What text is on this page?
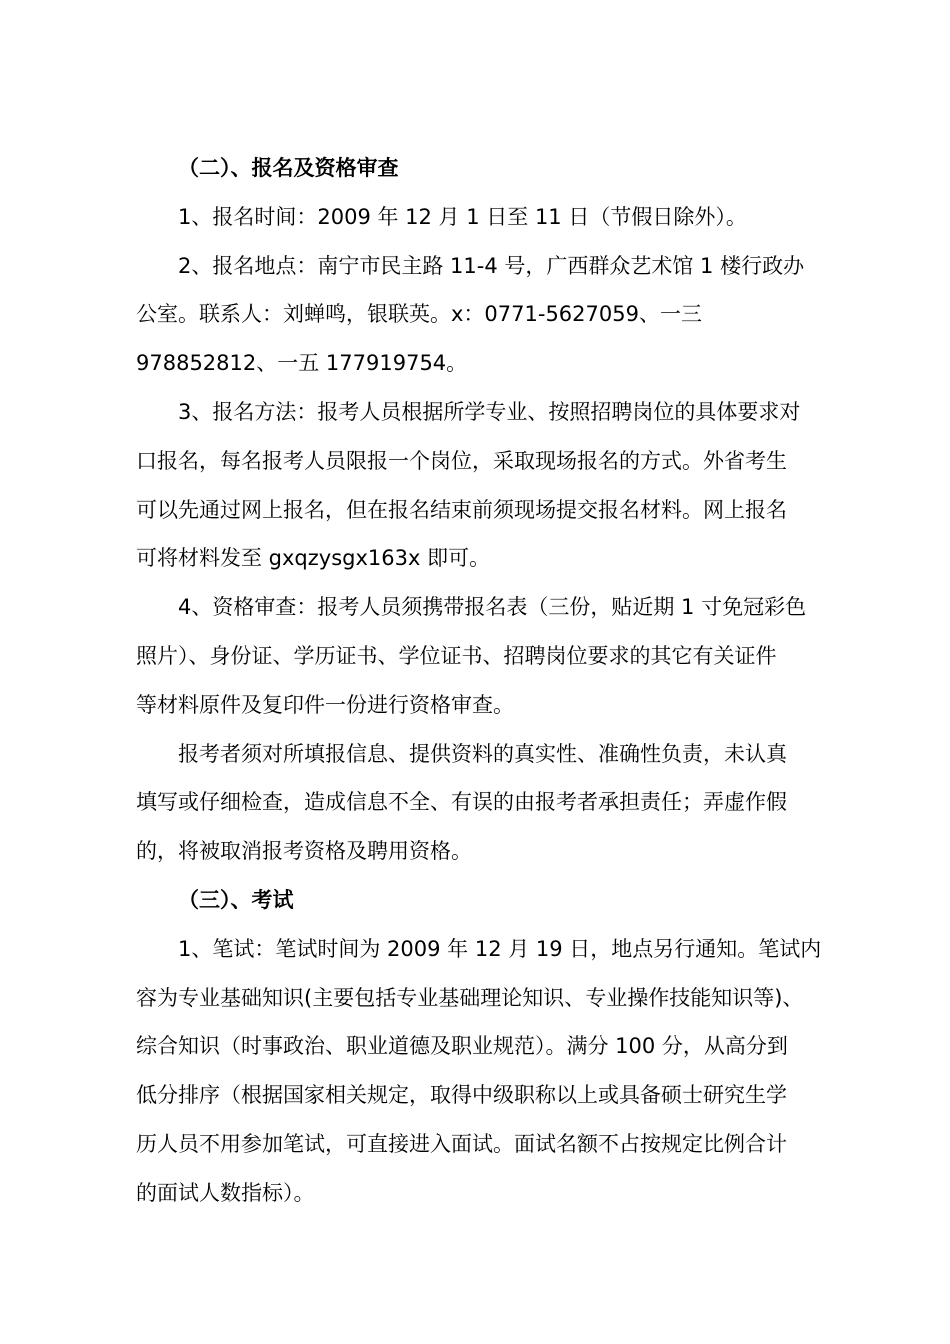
（二）、报名及资格审查
1、报名时间：2009 年 12 月 1 日至 11 日（节假日除外）。
2、报名地点：南宁市民主路 11-4 号，广西群众艺术馆 1 楼行政办
公室。联系人：刘蝉鸣，银联英。x：0771-5627059、一三
978852812、一五 177919754。
3、报名方法：报考人员根据所学专业、按照招聘岗位的具体要求对
口报名，每名报考人员限报一个岗位，采取现场报名的方式。外省考生
可以先通过网上报名，但在报名结束前须现场提交报名材料。网上报名
可将材料发至 gxqzysgx163x 即可。
4、资格审查：报考人员须携带报名表（三份，贴近期 1 寸免冠彩色
照片）、身份证、学历证书、学位证书、招聘岗位要求的其它有关证件
等材料原件及复印件一份进行资格审查。
报考者须对所填报信息、提供资料的真实性、准确性负责，未认真
填写或仔细检查，造成信息不全、有误的由报考者承担责任；弄虚作假
的，将被取消报考资格及聘用资格。
（三）、考试
1、笔试：笔试时间为 2009 年 12 月 19 日，地点另行通知。笔试内
容为专业基础知识(主要包括专业基础理论知识、专业操作技能知识等)、
综合知识（时事政治、职业道德及职业规范）。满分 100 分，从高分到
低分排序（根据国家相关规定，取得中级职称以上或具备硕士研究生学
历人员不用参加笔试，可直接进入面试。面试名额不占按规定比例合计
的面试人数指标）。
